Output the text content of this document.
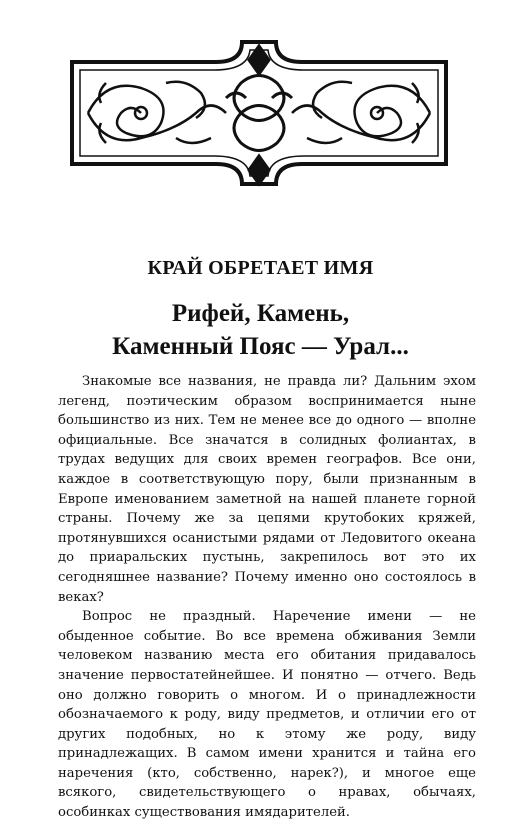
КРАЙ ОБРЕТАЕТ ИМЯ
Рифей, Камень,
Каменный Пояс — Урал...

Знакомые все названия, не правда ли? Дальним эхом легенд, поэтическим образом воспринимается ныне большинство из них. Тем не менее все до одного — вполне официальные. Все значатся в солидных фолиантах, в трудах ведущих для своих времен географов. Все они, каждое в соответствующую пору, были признанным в Европе именованием заметной на нашей планете горной страны. Почему же за цепями крутобоких кряжей, протянувшихся осанистыми рядами от Ледовитого океана до приаральских пустынь, закрепилось вот это их сегодняшнее название? Почему именно оно состоялось в веках?

Вопрос не праздный. Наречение имени — не обыденное событие. Во все времена обживания Земли человеком названию места его обитания придавалось значение первостатейнейшее. И понятно — отчего. Ведь оно должно говорить о многом. И о принадлежности обозначаемого к роду, виду предметов, и отличии его от других подобных, но к этому же роду, виду принадлежащих. В самом имени хранится и тайна его наречения (кто, собственно, нарек?), и многое еще всякого, свидетельствующего о нравах, обычаях, особинках существования имядарителей.
